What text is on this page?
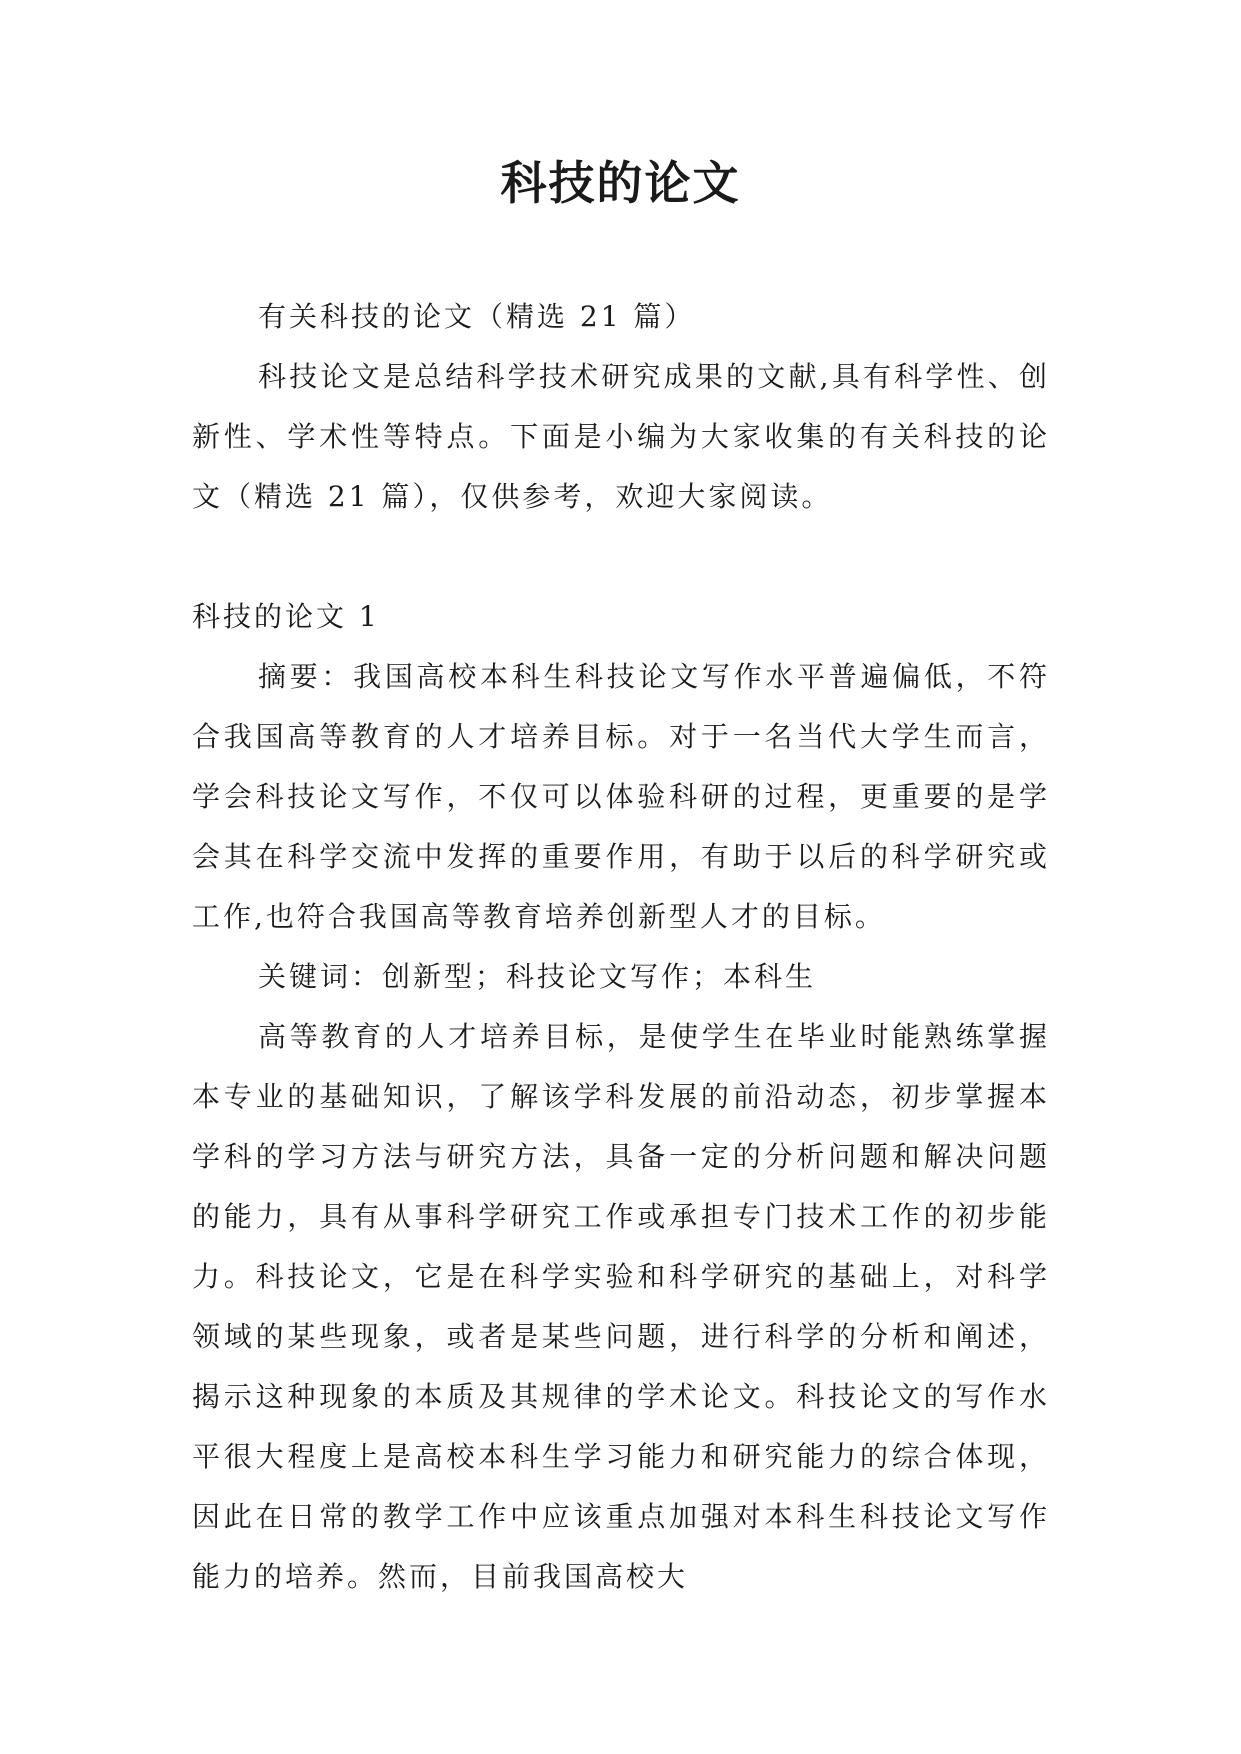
科技的论文

有关科技的论文（精选 21 篇）

科技论文是总结科学技术研究成果的文献,具有科学性、创新性、学术性等特点。下面是小编为大家收集的有关科技的论文（精选 21 篇），仅供参考，欢迎大家阅读。

科技的论文 1

摘要：我国高校本科生科技论文写作水平普遍偏低，不符合我国高等教育的人才培养目标。对于一名当代大学生而言，学会科技论文写作，不仅可以体验科研的过程，更重要的是学会其在科学交流中发挥的重要作用，有助于以后的科学研究或工作,也符合我国高等教育培养创新型人才的目标。

关键词：创新型；科技论文写作；本科生

高等教育的人才培养目标，是使学生在毕业时能熟练掌握本专业的基础知识，了解该学科发展的前沿动态，初步掌握本学科的学习方法与研究方法，具备一定的分析问题和解决问题的能力，具有从事科学研究工作或承担专门技术工作的初步能力。科技论文，它是在科学实验和科学研究的基础上，对科学领域的某些现象，或者是某些问题，进行科学的分析和阐述，揭示这种现象的本质及其规律的学术论文。科技论文的写作水平很大程度上是高校本科生学习能力和研究能力的综合体现，因此在日常的教学工作中应该重点加强对本科生科技论文写作能力的培养。然而，目前我国高校大
